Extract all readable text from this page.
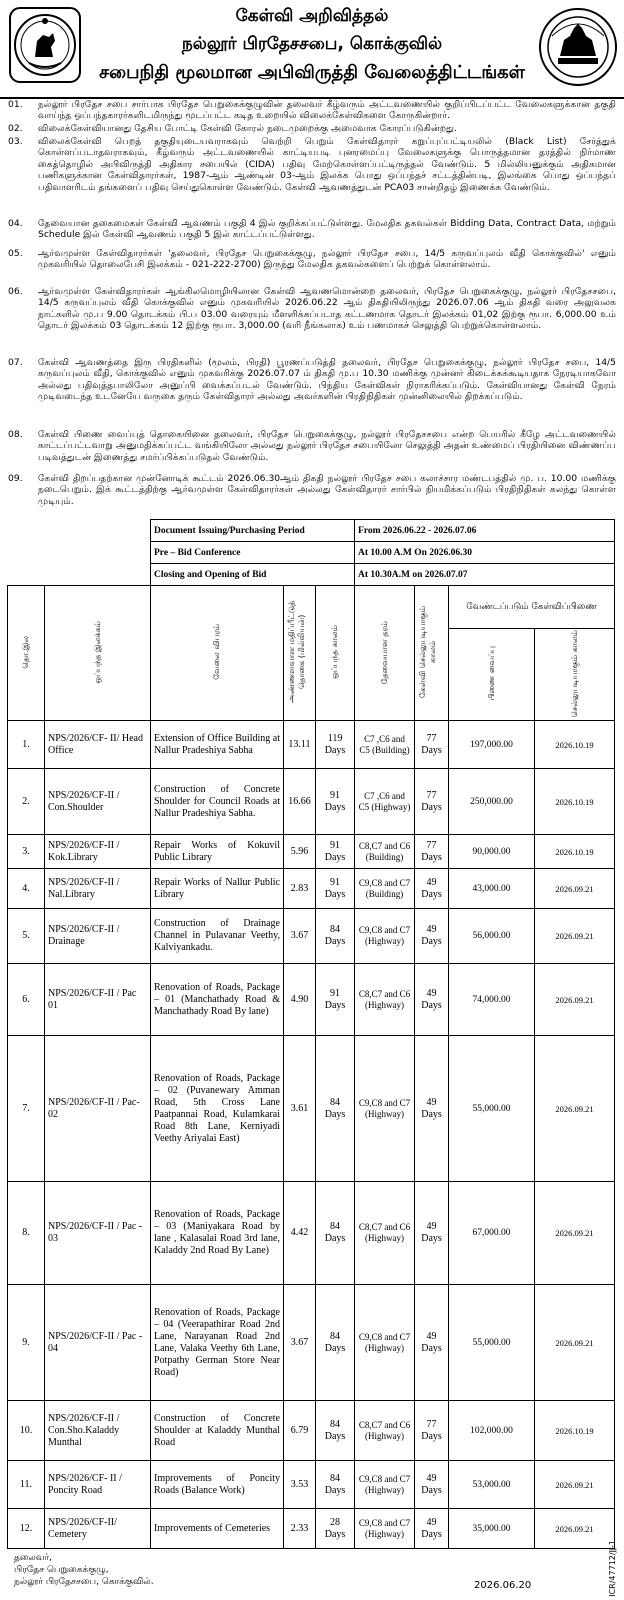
கேள்வி அறிவித்தல்
நல்லூர் பிரதேசசபை, கொக்குவில்
சபைநிதி மூலமான அபிவிருத்தி வேலைத்திட்டங்கள்
01.	நல்லூர் பிரதேச சபை சார்பாக பிரதேச பெறுகைக்குழுவின் தலைவர் கீழ்வரும் அட்டவணையில் குறிப்பிடப்பட்ட வேலைகளுக்கான தகுதி வாய்ந்த ஒப்பந்தகாரர்களிடமிருந்து மூடப்பட்ட கடித உறையில் விலைக்கேள்விகளை கோருகின்றார்.
02.	விலைக்கேள்வியானது தேசிய போட்டி கேள்வி கோரல் நடைமுறைக்கு அமைவாக கோரப்படுகின்றது.
03.	விலைக்கேள்வி பெறத் தகுதியுடையவராகவும் வெற்றி பெறும் கேள்விதாரர் கறுப்புப்பட்டியலில் (Black List) சேர்த்துக் கொள்ளப்படாதவராகவும், கீழ்வரும் அட்டவணையில் காட்டியபடி புனரமைப்பு வேலைகளுக்கு பொருத்தமான தரத்தில் நிர்மாண கைத்தொழில் அபிவிருத்தி அதிகார சபையில் (CIDA) பதிவு மேற்கொள்ளப்பட்டிருத்தல் வேண்டும். 5 மில்லியனுக்கும் அதிகமான பணிகளுக்கான கேள்விதாரர்கள், 1987-ஆம் ஆண்டின் 03-ஆம் இலக்க பொது ஒப்பந்தச் சட்டத்தின்படி, இலங்கை பொது ஒப்பந்தப் பதிவாளரிடம் தங்களைப் பதிவு செய்துகொள்ள வேண்டும். கேள்வி ஆவணத்துடன் PCA03 சான்றிதழ் இணைக்க வேண்டும்.
04.	தேவையான தகைமைகள் கேள்வி ஆவணம் பகுதி 4 இல் குறிக்கப்பட்டுள்ளது. மேலதிக தகவல்கள் Bidding Data, Contract Data, மற்றும் Schedule இல் கேள்வி ஆவணம் பகுதி 5 இல் காட்டப்பட்டுள்ளது.
05.	ஆர்வமுள்ள கேள்விதாரர்கள் 'தலைவர், பிரதேச பெறுகைக்குழு, நல்லூர் பிரதேச சபை, 14/5 கருவப்புலம் வீதி கொக்குவில்' எனும் முகவரியில் தொலைபேசி இலக்கம் - 021-222-2700) இருந்து மேலதிக தகவல்களைப் பெற்றுக் கொள்ளலாம்.
06.	ஆர்வமுள்ள கேள்விதாரர்கள் ஆங்கிலமொழியிலான கேள்வி ஆவணமொன்றை தலைவர், பிரதேச பெறுகைக்குழு, நல்லூர் பிரதேசசபை, 14/5 கருவப்புலம் வீதி கொக்குவில் எனும் முகவரியில் 2026.06.22 ஆம் திகதியிலிருந்து 2026.07.06 ஆம் திகதி வரை அலுவலக நாட்களில் மு.ப 9.00 தொடக்கம் பி.ப 03.00 வரையும் மீளளிக்கப்படாத கட்டணமாக தொடர் இலக்கம் 01,02 இற்கு ரூபா. 6,000.00 உம் தொடர் இலக்கம் 03 தொடக்கம் 12 இற்கு ரூபா. 3,000.00 (வரி நீங்கலாக) உம் பணமாகச் செலுத்தி பெற்றுக்கொள்ளலாம்.
07.	கேள்வி ஆவணத்தை இரு பிரதிகளில் (மூலம், பிரதி) பூரணப்படுத்தி தலைவர், பிரதேச பெறுகைக்குழு, நல்லூர் பிரதேச சபை, 14/5 கருவப்புலம் வீதி, கொக்குவில் எனும் முகவரிக்கு 2026.07.07 ம் திகதி மு.ப 10.30 மணிக்கு முன்னர் கிடைக்கக்கூடியதாக நேரடியாகவோ அல்லது பதிவுத்தபாலிலோ அனுப்பி வைக்கப்படல் வேண்டும். பிந்திய கேள்விகள் நிராகரிக்கப்படும். கேள்வியானது கேள்வி நேரம் முடிவடைந்த உடனேயே வருகை தரும் கேள்விதாரர் அல்லது அவர்களின் பிரதிநிதிகள் முன்னிலையில் திறக்கப்படும்.
08.	கேள்வி பிணை வைப்புத் தொகையினை தலைவர், பிரதேச பெறுகைக்குழு, நல்லூர் பிரதேசசபை என்ற பெயரில் கீழே அட்டவணையில் காட்டப்பட்டவாறு அனுமதிக்கப்பட்ட வங்கியிலோ அல்லது நல்லூர் பிரதேச சபையிலோ செலுத்தி அதன் உண்மைப் பிரதியினை விண்ணப்ப படிவத்துடன் இணைத்து சமர்ப்பிக்கப்படுதல் வேண்டும்.
09.	கேள்வி திறப்பதற்கான முன்னோடிக் கூட்டம் 2026.06.30ஆம் திகதி நல்லூர் பிரதேச சபை கலாச்சார மண்டபத்தில் மு. ப. 10.00 மணிக்கு நடைபெறும். இக் கூட்டத்திற்கு ஆர்வமுள்ள கேள்விதாரர்கள் அல்லது கேள்விதாரர் சார்பில் நியமிக்கப்படும் பிரதிநிதிகள் கலந்து கொள்ள முடியும்.
		Document Issuing/Purchasing Period			From 2026.06.22 - 2026.07.06			
		Pre – Bid Conference			At 10.00 A.M On 2026.06.30			
		Closing and Opening of Bid			At 10.30A.M on 2026.07.07			
தொ.இல	ஒப்பந்த இலக்கம்	வேலை விபரம்	அண்ணளவான மதிப்பீட்டுத் தொகை (மில்லியன்)	ஒப்பந்த காலம்	தேவையான தரம்	கேள்வி செல்லுபடியாகும் காலம்	வேண்டப்படும் கேள்விப்பிணை	
							பிணை வைப்பு	செல்லுபடியாகும் காலம்
1.	NPS/2026/CF- II/ Head Office	Extension of Office Building at Nallur Pradeshiya Sabha	13.11	119 Days	C7 ,C6 and C5 (Building)	77 Days	197,000.00	2026.10.19
2.	NPS/2026/CF-II / Con.Shoulder	Construction of Concrete Shoulder for Council Roads at Nallur Pradeshiya Sabha.	16.66	91 Days	C7 ,C6 and C5 (Highway)	77 Days	250,000.00	2026.10.19
3.	NPS/2026/CF-II / Kok.Library	Repair Works of Kokuvil Public Library	5.96	91 Days	C8,C7 and C6 (Building)	77 Days	90,000.00	2026.10.19
4.	NPS/2026/CF-II / Nal.Library	Repair Works of Nallur Public Library	2.83	91 Days	C9,C8 and C7 (Building)	49 Days	43,000.00	2026.09.21
5.	NPS/2026/CF-II / Drainage	Construction of Drainage Channel in Pulavanar Veethy, Kalviyankadu.	3.67	84 Days	C9,C8 and C7 (Highway)	49 Days	56,000.00	2026.09.21
6.	NPS/2026/CF-II / Pac 01	Renovation of Roads, Package – 01 (Manchathady Road & Manchathady Road By lane)	4.90	91 Days	C8,C7 and C6 (Highway)	49 Days	74,000.00	2026.09.21
7.	NPS/2026/CF-II / Pac-02	Renovation of Roads, Package – 02 (Puvanewary Amman Road, 5th Cross Lane Paatpannai Road, Kulamkarai Road 8th Lane, Kerniyadi Veethy Ariyalai East)	3.61	84 Days	C9,C8 and C7 (Highway)	49 Days	55,000.00	2026.09.21
8.	NPS/2026/CF-II / Pac - 03	Renovation of Roads, Package – 03 (Maniyakara Road by lane , Kalasalai Road 3rd lane, Kaladdy 2nd Road By Lane)	4.42	84 Days	C8,C7 and C6 (Highway)	49 Days	67,000.00	2026.09.21
9.	NPS/2026/CF-II / Pac - 04	Renovation of Roads, Package – 04 (Veerapathirar Road 2nd Lane, Narayanan Road 2nd Lane, Valaka Veethy 6th Lane, Potpathy German Store Near Road)	3.67	84 Days	C9,C8 and C7 (Highway)	49 Days	55,000.00	2026.09.21
10.	NPS/2026/CF-II / Con.Sho.Kaladdy Munthal	Construction of Concrete Shoulder at Kaladdy Munthal Road	6.79	84 Days	C8,C7 and C6 (Highway)	77 Days	102,000.00	2026.10.19
11.	NPS/2026/CF- II / Poncity Road	Improvements of Poncity Roads (Balance Work)	3.53	84 Days	C9,C8 and C7 (Highway)	49 Days	53,000.00	2026.09.21
12.	NPS/2026/CF-II/ Cemetery	Improvements of Cemeteries	2.33	28 Days	C9,C8 and C7 (Highway)	49 Days	35,000.00	2026.09.21
தலைவர்,
பிரதேச பெறுகைக்குழு,
நல்லூர் பிரதேசசபை, கொக்குவில்.	2026.06.20	ICR/47712/JJ-1
